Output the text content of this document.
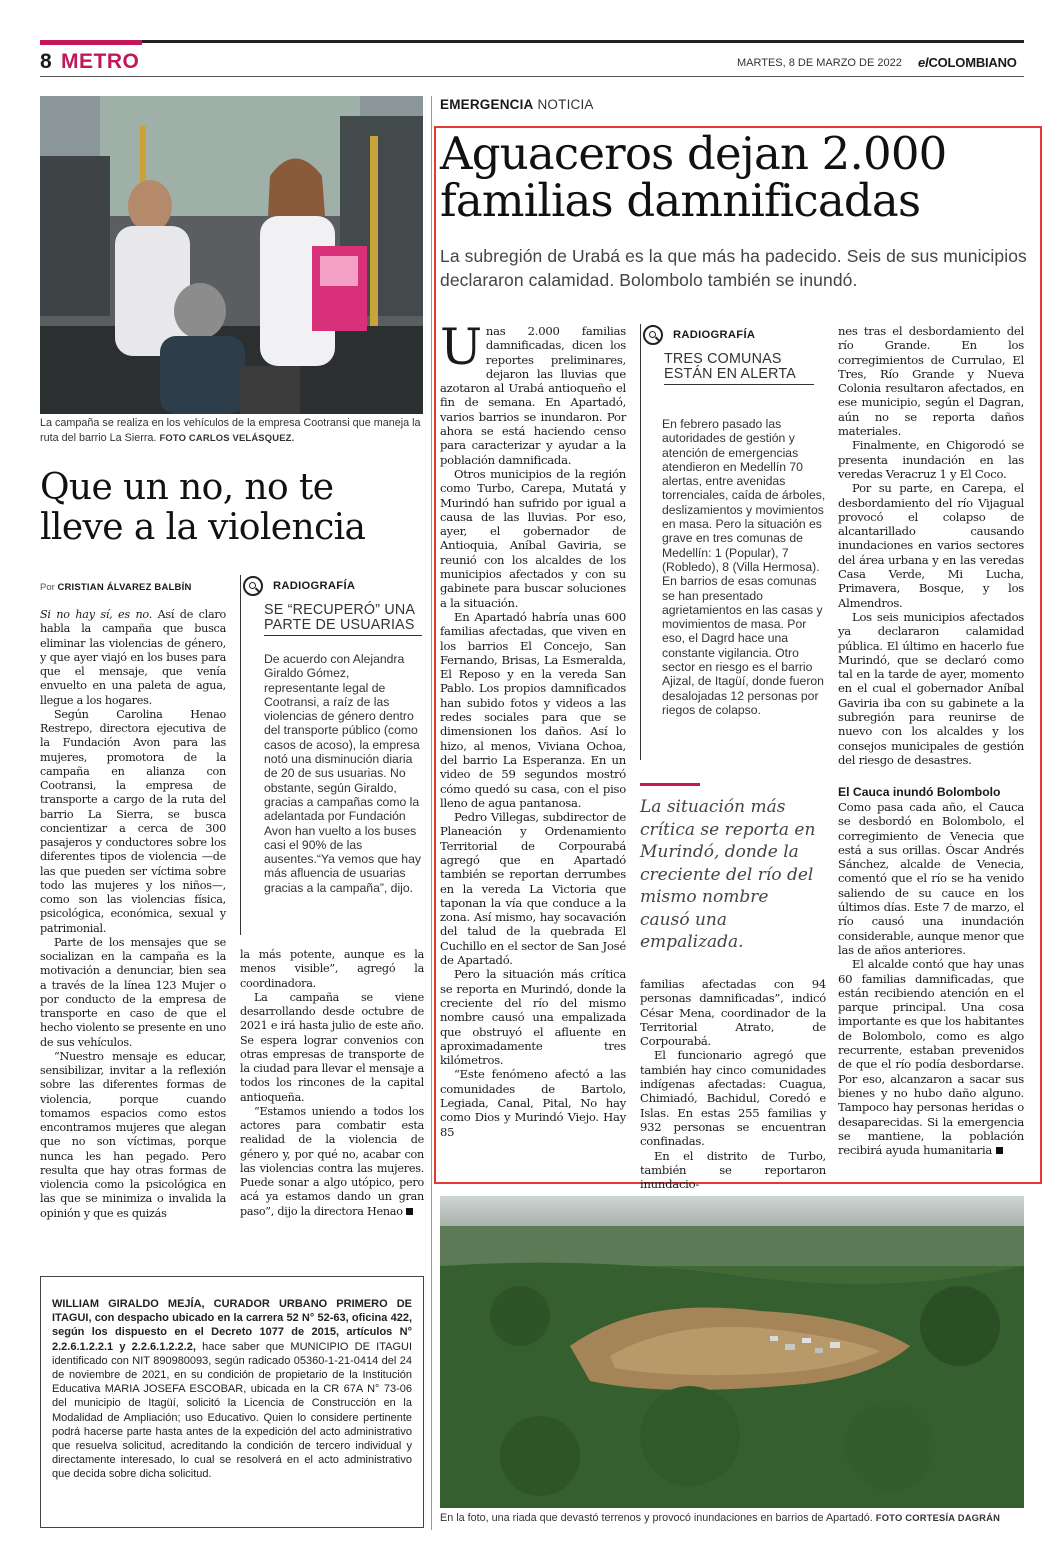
8 METRO	MARTES, 8 DE MARZO DE 2022 elCOLOMBIANO
La campaña se realiza en los vehículos de la empresa Cootransi que maneja la ruta del barrio La Sierra. FOTO CARLOS VELÁSQUEZ.
Que un no, no te
lleve a la violencia
Por CRISTIAN ÁLVAREZ BALBÍN

Si no hay sí, es no. Así de claro habla la campaña que busca eliminar las violencias de género, y que ayer viajó en los buses para que el mensaje, que venía envuelto en una paleta de agua, llegue a los hogares.

Según Carolina Henao Restrepo, directora ejecutiva de la Fundación Avon para las mujeres, promotora de la campaña en alianza con Cootransi, la empresa de transporte a cargo de la ruta del barrio La Sierra, se busca concientizar a cerca de 300 pasajeros y conductores sobre los diferentes tipos de violencia —de las que pueden ser víctima sobre todo las mujeres y los niños—, como son las violencias física, psicológica, económica, sexual y patrimonial.

Parte de los mensajes que se socializan en la campaña es la motivación a denunciar, bien sea a través de la línea 123 Mujer o por conducto de la empresa de transporte en caso de que el hecho violento se presente en uno de sus vehículos.

“Nuestro mensaje es educar, sensibilizar, invitar a la reflexión sobre las diferentes formas de violencia, porque cuando tomamos espacios como estos encontramos mujeres que alegan que no son víctimas, porque nunca les han pegado. Pero resulta que hay otras formas de violencia como la psicológica en las que se minimiza o invalida la opinión y que es quizás

RADIOGRAFÍA
SE “RECUPERÓ” UNA PARTE DE USUARIAS
De acuerdo con Alejandra Giraldo Gómez, representante legal de Cootransi, a raíz de las violencias de género dentro del transporte público (como casos de acoso), la empresa notó una disminución diaria de 20 de sus usuarias. No obstante, según Giraldo, gracias a campañas como la adelantada por Fundación Avon han vuelto a los buses casi el 90% de las ausentes.“Ya vemos que hay más afluencia de usuarias gracias a la campaña”, dijo.

la más potente, aunque es la menos visible”, agregó la coordinadora.

La campaña se viene desarrollando desde octubre de 2021 e irá hasta julio de este año. Se espera lograr convenios con otras empresas de transporte de la ciudad para llevar el mensaje a todos los rincones de la capital antioqueña.

“Estamos uniendo a todos los actores para combatir esta realidad de la violencia de género y, por qué no, acabar con las violencias contra las mujeres. Puede sonar a algo utópico, pero acá ya estamos dando un gran paso”, dijo la directora Henao

WILLIAM GIRALDO MEJÍA, CURADOR URBANO PRIMERO DE ITAGUI, con despacho ubicado en la carrera 52 N° 52-63, oficina 422, según los dispuesto en el Decreto 1077 de 2015, artículos N° 2.2.6.1.2.2.1 y 2.2.6.1.2.2.2, hace saber que MUNICIPIO DE ITAGUI identificado con NIT 890980093, según radicado 05360-1-21-0414 del 24 de noviembre de 2021, en su condición de propietario de la Institución Educativa MARIA JOSEFA ESCOBAR, ubicada en la CR 67A N° 73-06 del municipio de Itagüí, solicitó la Licencia de Construcción en la Modalidad de Ampliación; uso Educativo. Quien lo considere pertinente podrá hacerse parte hasta antes de la expedición del acto administrativo que resuelva solicitud, acreditando la condición de tercero individual y directamente interesado, lo cual se resolverá en el acto administrativo que decida sobre dicha solicitud.
EMERGENCIA NOTICIA
Aguaceros dejan 2.000
familias damnificadas
La subregión de Urabá es la que más ha padecido. Seis de sus municipios declararon calamidad. Bolombolo también se inundó.

Unas 2.000 familias damnificadas, dicen los reportes preliminares, dejaron las lluvias que azotaron al Urabá antioqueño el fin de semana. En Apartadó, varios barrios se inundaron. Por ahora se está haciendo censo para caracterizar y ayudar a la población damnificada.

Otros municipios de la región como Turbo, Carepa, Mutatá y Murindó han sufrido por igual a causa de las lluvias. Por eso, ayer, el gobernador de Antioquia, Aníbal Gaviria, se reunió con los alcaldes de los municipios afectados y con su gabinete para buscar soluciones a la situación.

En Apartadó habría unas 600 familias afectadas, que viven en los barrios El Concejo, San Fernando, Brisas, La Esmeralda, El Reposo y en la vereda San Pablo. Los propios damnificados han subido fotos y videos a las redes sociales para que se dimensionen los daños. Así lo hizo, al menos, Viviana Ochoa, del barrio La Esperanza. En un video de 59 segundos mostró cómo quedó su casa, con el piso lleno de agua pantanosa.

Pedro Villegas, subdirector de Planeación y Ordenamiento Territorial de Corpourabá agregó que en Apartadó también se reportan derrumbes en la vereda La Victoria que taponan la vía que conduce a la zona. Así mismo, hay socavación del talud de la quebrada El Cuchillo en el sector de San José de Apartadó.

Pero la situación más crítica se reporta en Murindó, donde la creciente del río del mismo nombre causó una empalizada que obstruyó el afluente en aproximadamente tres kilómetros.

“Este fenómeno afectó a las comunidades de Bartolo, Legiada, Canal, Pital, No hay como Dios y Murindó Viejo. Hay 85

RADIOGRAFÍA
TRES COMUNAS ESTÁN EN ALERTA
En febrero pasado las autoridades de gestión y atención de emergencias atendieron en Medellín 70 alertas, entre avenidas torrenciales, caída de árboles, deslizamientos y movimientos en masa. Pero la situación es grave en tres comunas de Medellín: 1 (Popular), 7 (Robledo), 8 (Villa Hermosa). En barrios de esas comunas se han presentado agrietamientos en las casas y movimientos de masa. Por eso, el Dagrd hace una constante vigilancia. Otro sector en riesgo es el barrio Ajizal, de Itagüí, donde fueron desalojadas 12 personas por riegos de colapso.
La situación más crítica se reporta en Murindó, donde la creciente del río del mismo nombre causó una empalizada.

familias afectadas con 94 personas damnificadas”, indicó César Mena, coordinador de la Territorial Atrato, de Corpourabá.

El funcionario agregó que también hay cinco comunidades indígenas afectadas: Cuagua, Chimiadó, Bachidul, Coredó e Islas. En estas 255 familias y 932 personas se encuentran confinadas.

En el distrito de Turbo, también se reportaron inundacio-

nes tras el desbordamiento del río Grande. En los corregimientos de Currulao, El Tres, Río Grande y Nueva Colonia resultaron afectados, en ese municipio, según el Dagran, aún no se reporta daños materiales.

Finalmente, en Chigorodó se presenta inundación en las veredas Veracruz 1 y El Coco.

Por su parte, en Carepa, el desbordamiento del río Vijagual provocó el colapso de alcantarillado causando inundaciones en varios sectores del área urbana y en las veredas Casa Verde, Mi Lucha, Primavera, Bosque, y los Almendros.

Los seis municipios afectados ya declararon calamidad pública. El último en hacerlo fue Murindó, que se declaró como tal en la tarde de ayer, momento en el cual el gobernador Aníbal Gaviria iba con su gabinete a la subregión para reunirse de nuevo con los alcaldes y los consejos municipales de gestión del riesgo de desastres.

El Cauca inundó Bolombolo

Como pasa cada año, el Cauca se desbordó en Bolombolo, el corregimiento de Venecia que está a sus orillas. Óscar Andrés Sánchez, alcalde de Venecia, comentó que el río se ha venido saliendo de su cauce en los últimos días. Este 7 de marzo, el río causó una inundación considerable, aunque menor que las de años anteriores.

El alcalde contó que hay unas 60 familias damnificadas, que están recibiendo atención en el parque principal. Una cosa importante es que los habitantes de Bolombolo, como es algo recurrente, estaban prevenidos de que el río podía desbordarse. Por eso, alcanzaron a sacar sus bienes y no hubo daño alguno. Tampoco hay personas heridas o desaparecidas. Si la emergencia se mantiene, la población recibirá ayuda humanitaria

En la foto, una riada que devastó terrenos y provocó inundaciones en barrios de Apartadó. FOTO CORTESÍA DAGRÁN
